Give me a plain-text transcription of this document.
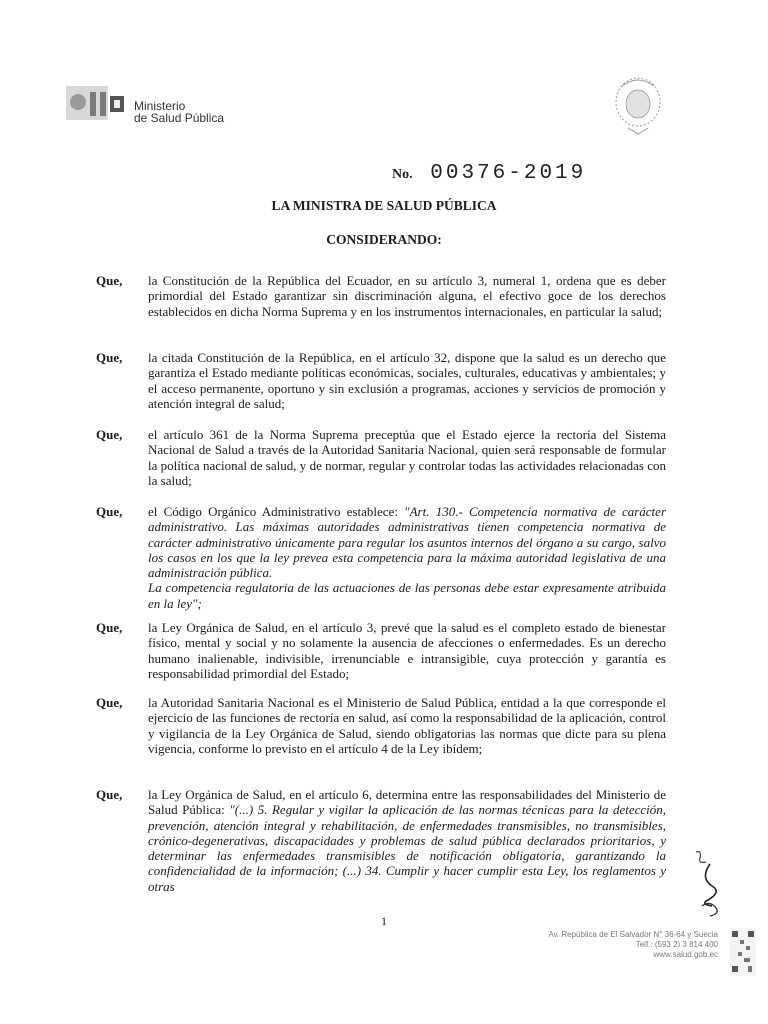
Ministerio
de Salud Pública
No. 00376-2019
LA MINISTRA DE SALUD PÚBLICA
CONSIDERANDO:
Que, la Constitución de la República del Ecuador, en su artículo 3, numeral 1, ordena que es deber primordial del Estado garantizar sin discriminación alguna, el efectivo goce de los derechos establecidos en dicha Norma Suprema y en los instrumentos internacionales, en particular la salud;
Que, la citada Constitución de la República, en el artículo 32, dispone que la salud es un derecho que garantiza el Estado mediante políticas económicas, sociales, culturales, educativas y ambientales; y el acceso permanente, oportuno y sin exclusión a programas, acciones y servicios de promoción y atención integral de salud;
Que, el artículo 361 de la Norma Suprema preceptúa que el Estado ejerce la rectoría del Sistema Nacional de Salud a través de la Autoridad Sanitaria Nacional, quien será responsable de formular la política nacional de salud, y de normar, regular y controlar todas las actividades relacionadas con la salud;
Que, el Código Orgánico Administrativo establece: "Art. 130.- Competencia normativa de carácter administrativo. Las máximas autoridades administrativas tienen competencia normativa de carácter administrativo únicamente para regular los asuntos internos del órgano a su cargo, salvo los casos en los que la ley prevea esta competencia para la máxima autoridad legislativa de una administración pública.
La competencia regulatoria de las actuaciones de las personas debe estar expresamente atribuida en la ley";
Que, la Ley Orgánica de Salud, en el artículo 3, prevé que la salud es el completo estado de bienestar físico, mental y social y no solamente la ausencia de afecciones o enfermedades. Es un derecho humano inalienable, indivisible, irrenunciable e intransigible, cuya protección y garantía es responsabilidad primordial del Estado;
Que, la Autoridad Sanitaria Nacional es el Ministerio de Salud Pública, entidad a la que corresponde el ejercicio de las funciones de rectoría en salud, así como la responsabilidad de la aplicación, control y vigilancia de la Ley Orgánica de Salud, siendo obligatorias las normas que dicte para su plena vigencia, conforme lo previsto en el artículo 4 de la Ley ibídem;
Que, la Ley Orgánica de Salud, en el artículo 6, determina entre las responsabilidades del Ministerio de Salud Pública: "(...) 5. Regular y vigilar la aplicación de las normas técnicas para la detección, prevención, atención integral y rehabilitación, de enfermedades transmisibles, no transmisibles, crónico-degenerativas, discapacidades y problemas de salud pública declarados prioritarios, y determinar las enfermedades transmisibles de notificación obligatoria, garantizando la confidencialidad de la información; (...) 34. Cumplir y hacer cumplir esta Ley, los reglamentos y otras
1
Av. República de El Salvador N° 36-64 y Suecia
Telf.: (593 2) 3 814 400
www.salud.gob.ec
